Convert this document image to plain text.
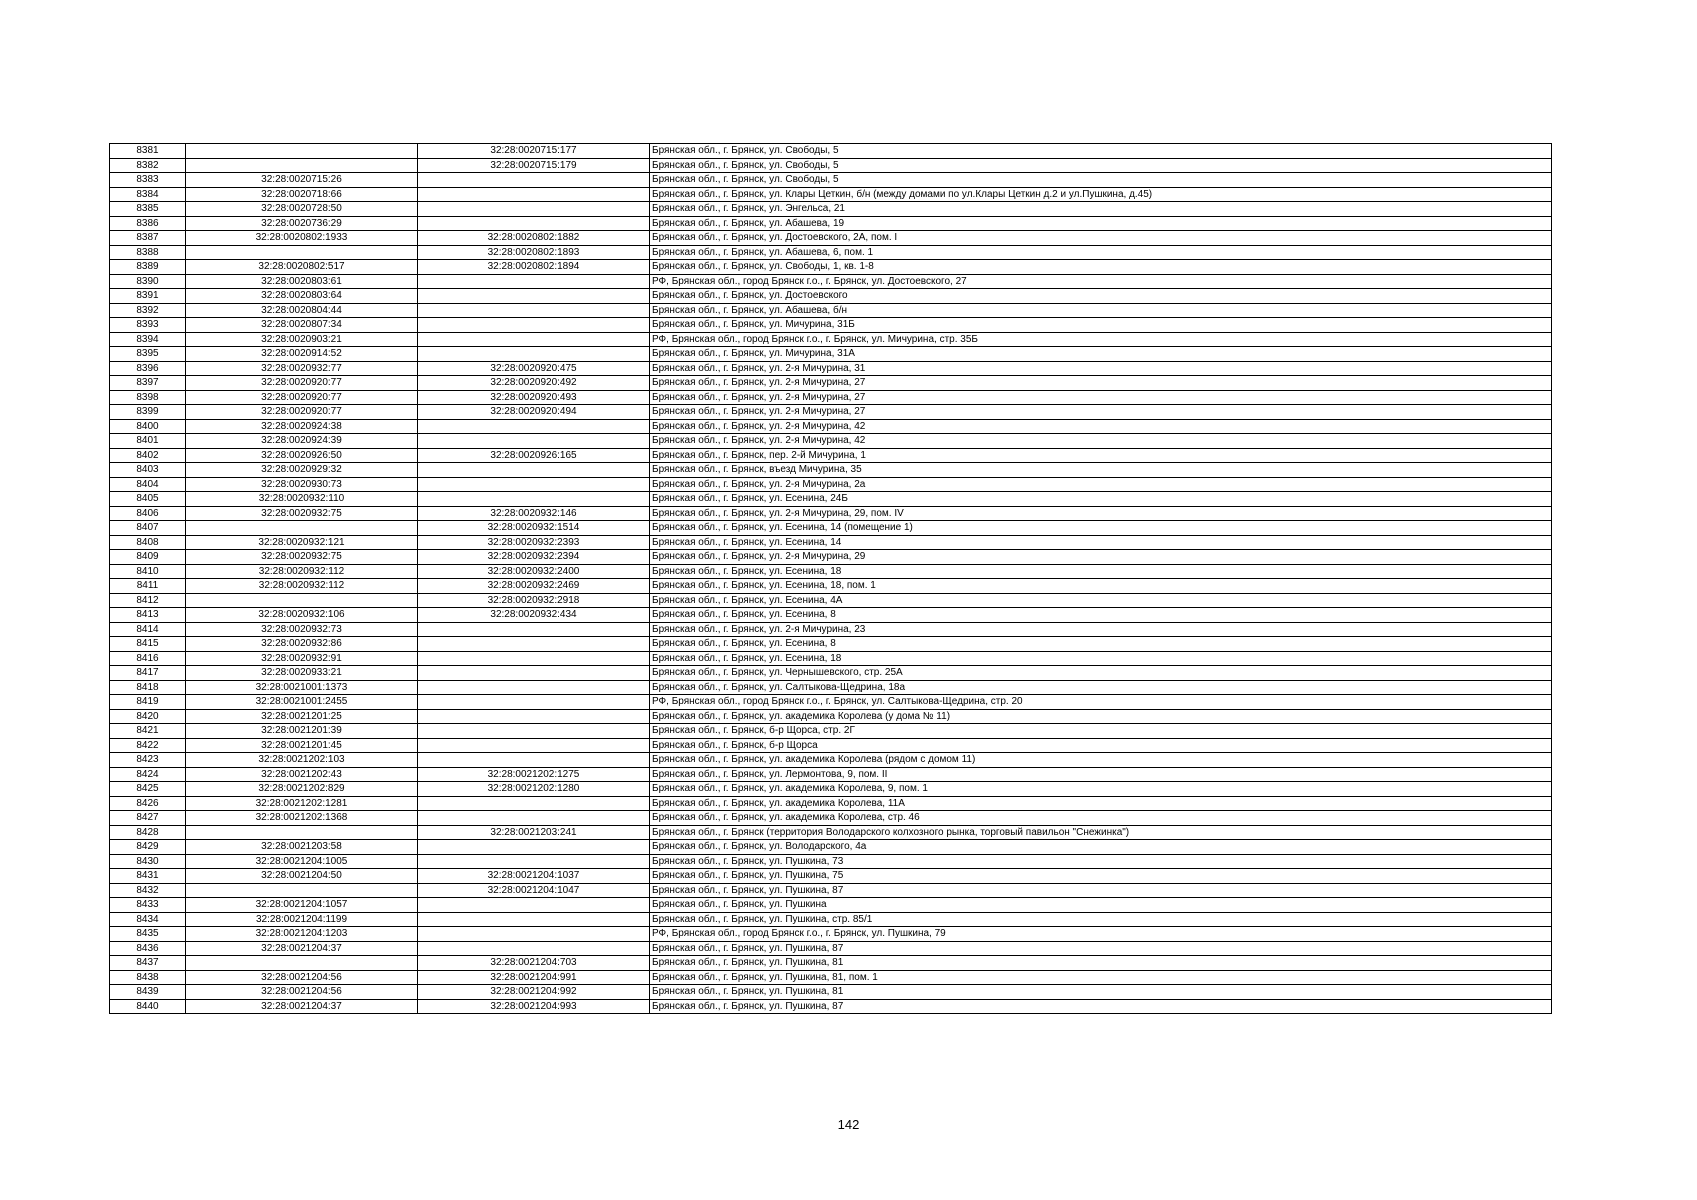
8381		32:28:0020715:177	Брянская обл., г. Брянск, ул. Свободы, 5
8382		32:28:0020715:179	Брянская обл., г. Брянск, ул. Свободы, 5
8383	32:28:0020715:26		Брянская обл., г. Брянск, ул. Свободы, 5
8384	32:28:0020718:66		Брянская обл., г. Брянск, ул. Клары Цеткин, б/н (между домами по ул.Клары Цеткин д.2 и ул.Пушкина, д.45)
8385	32:28:0020728:50		Брянская обл., г. Брянск, ул. Энгельса, 21
8386	32:28:0020736:29		Брянская обл., г. Брянск, ул. Абашева, 19
8387	32:28:0020802:1933	32:28:0020802:1882	Брянская обл., г. Брянск, ул. Достоевского, 2А, пом. I
8388		32:28:0020802:1893	Брянская обл., г. Брянск, ул. Абашева, 6, пом. 1
8389	32:28:0020802:517	32:28:0020802:1894	Брянская обл., г. Брянск, ул. Свободы, 1, кв. 1-8
8390	32:28:0020803:61		РФ, Брянская обл., город Брянск г.о., г. Брянск, ул. Достоевского, 27
8391	32:28:0020803:64		Брянская обл., г. Брянск, ул. Достоевского
8392	32:28:0020804:44		Брянская обл., г. Брянск, ул. Абашева, б/н
8393	32:28:0020807:34		Брянская обл., г. Брянск, ул. Мичурина, 31Б
8394	32:28:0020903:21		РФ, Брянская обл., город Брянск г.о., г. Брянск, ул. Мичурина, стр. 35Б
8395	32:28:0020914:52		Брянская обл., г. Брянск, ул. Мичурина, 31А
8396	32:28:0020932:77	32:28:0020920:475	Брянская обл., г. Брянск, ул. 2-я Мичурина, 31
8397	32:28:0020920:77	32:28:0020920:492	Брянская обл., г. Брянск, ул. 2-я Мичурина, 27
8398	32:28:0020920:77	32:28:0020920:493	Брянская обл., г. Брянск, ул. 2-я Мичурина, 27
8399	32:28:0020920:77	32:28:0020920:494	Брянская обл., г. Брянск, ул. 2-я Мичурина, 27
8400	32:28:0020924:38		Брянская обл., г. Брянск, ул. 2-я Мичурина, 42
8401	32:28:0020924:39		Брянская обл., г. Брянск, ул. 2-я Мичурина, 42
8402	32:28:0020926:50	32:28:0020926:165	Брянская обл., г. Брянск, пер. 2-й Мичурина, 1
8403	32:28:0020929:32		Брянская обл., г. Брянск, въезд Мичурина, 35
8404	32:28:0020930:73		Брянская обл., г. Брянск, ул. 2-я Мичурина, 2а
8405	32:28:0020932:110		Брянская обл., г. Брянск, ул. Есенина, 24Б
8406	32:28:0020932:75	32:28:0020932:146	Брянская обл., г. Брянск, ул. 2-я Мичурина, 29, пом. IV
8407		32:28:0020932:1514	Брянская обл., г. Брянск, ул. Есенина, 14 (помещение 1)
8408	32:28:0020932:121	32:28:0020932:2393	Брянская обл., г. Брянск, ул. Есенина, 14
8409	32:28:0020932:75	32:28:0020932:2394	Брянская обл., г. Брянск, ул. 2-я Мичурина, 29
8410	32:28:0020932:112	32:28:0020932:2400	Брянская обл., г. Брянск, ул. Есенина, 18
8411	32:28:0020932:112	32:28:0020932:2469	Брянская обл., г. Брянск, ул. Есенина, 18, пом. 1
8412		32:28:0020932:2918	Брянская обл., г. Брянск, ул. Есенина, 4А
8413	32:28:0020932:106	32:28:0020932:434	Брянская обл., г. Брянск, ул. Есенина, 8
8414	32:28:0020932:73		Брянская обл., г. Брянск, ул. 2-я Мичурина, 23
8415	32:28:0020932:86		Брянская обл., г. Брянск, ул. Есенина, 8
8416	32:28:0020932:91		Брянская обл., г. Брянск, ул. Есенина, 18
8417	32:28:0020933:21		Брянская обл., г. Брянск, ул. Чернышевского, стр. 25А
8418	32:28:0021001:1373		Брянская обл., г. Брянск, ул. Салтыкова-Щедрина, 18а
8419	32:28:0021001:2455		РФ, Брянская обл., город Брянск г.о., г. Брянск, ул. Салтыкова-Щедрина, стр. 20
8420	32:28:0021201:25		Брянская обл., г. Брянск, ул. академика Королева (у дома № 11)
8421	32:28:0021201:39		Брянская обл., г. Брянск, б-р Щорса, стр. 2Г
8422	32:28:0021201:45		Брянская обл., г. Брянск, б-р Щорса
8423	32:28:0021202:103		Брянская обл., г. Брянск, ул. академика Королева (рядом с домом 11)
8424	32:28:0021202:43	32:28:0021202:1275	Брянская обл., г. Брянск, ул. Лермонтова, 9, пом. II
8425	32:28:0021202:829	32:28:0021202:1280	Брянская обл., г. Брянск, ул. академика Королева, 9, пом. 1
8426	32:28:0021202:1281		Брянская обл., г. Брянск, ул. академика Королева, 11А
8427	32:28:0021202:1368		Брянская обл., г. Брянск, ул. академика Королева, стр. 46
8428		32:28:0021203:241	Брянская обл., г. Брянск (территория Володарского колхозного рынка, торговый павильон "Снежинка")
8429	32:28:0021203:58		Брянская обл., г. Брянск, ул. Володарского, 4а
8430	32:28:0021204:1005		Брянская обл., г. Брянск, ул. Пушкина, 73
8431	32:28:0021204:50	32:28:0021204:1037	Брянская обл., г. Брянск, ул. Пушкина, 75
8432		32:28:0021204:1047	Брянская обл., г. Брянск, ул. Пушкина, 87
8433	32:28:0021204:1057		Брянская обл., г. Брянск, ул. Пушкина
8434	32:28:0021204:1199		Брянская обл., г. Брянск, ул. Пушкина, стр. 85/1
8435	32:28:0021204:1203		РФ, Брянская обл., город Брянск г.о., г. Брянск, ул. Пушкина, 79
8436	32:28:0021204:37		Брянская обл., г. Брянск, ул. Пушкина, 87
8437		32:28:0021204:703	Брянская обл., г. Брянск, ул. Пушкина, 81
8438	32:28:0021204:56	32:28:0021204:991	Брянская обл., г. Брянск, ул. Пушкина, 81, пом. 1
8439	32:28:0021204:56	32:28:0021204:992	Брянская обл., г. Брянск, ул. Пушкина, 81
8440	32:28:0021204:37	32:28:0021204:993	Брянская обл., г. Брянск, ул. Пушкина, 87
142
